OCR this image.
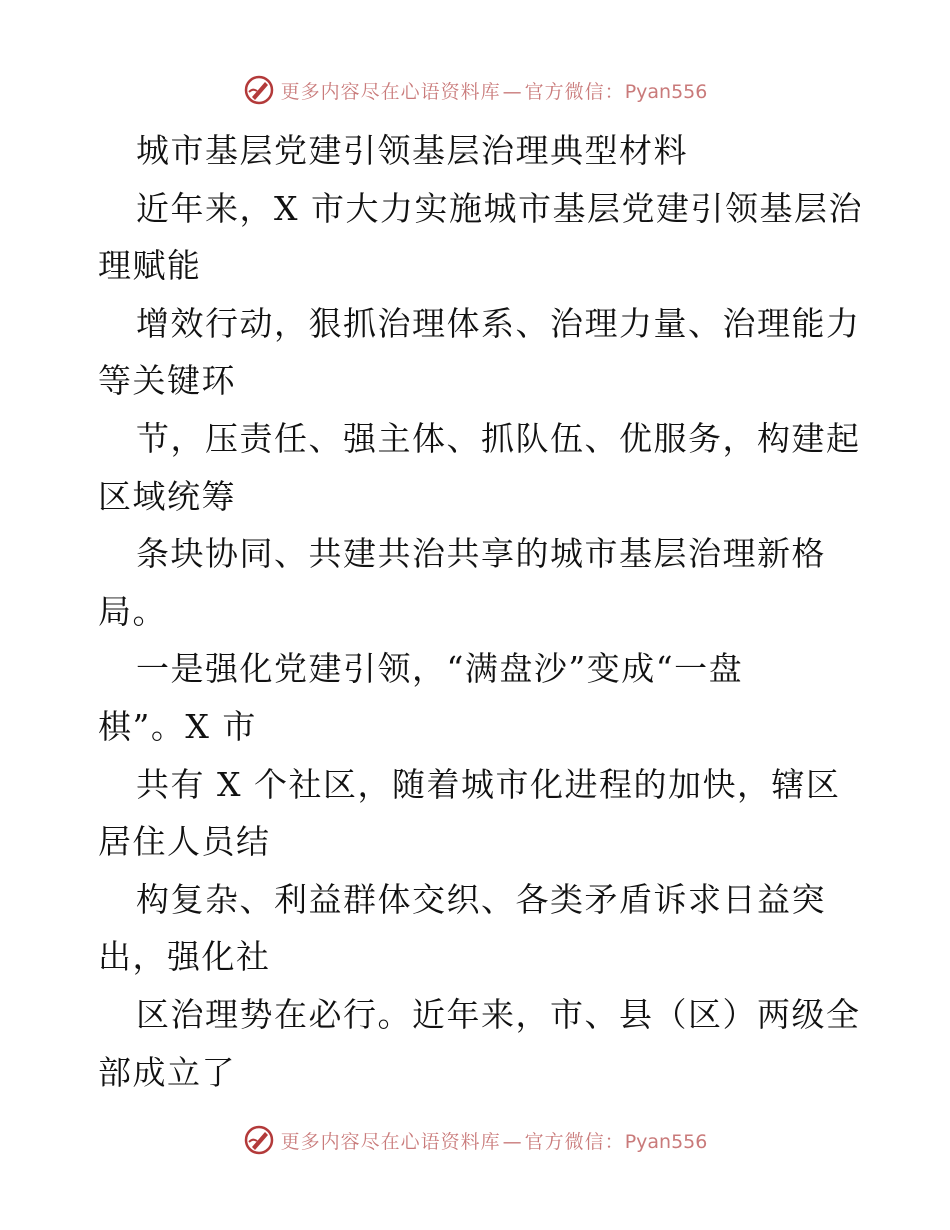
更多内容尽在心语资料库 — 官方微信：Pyan556
城市基层党建引领基层治理典型材料
近年来，X 市大力实施城市基层党建引领基层治
理赋能
增效行动，狠抓治理体系、治理力量、治理能力
等关键环
节，压责任、强主体、抓队伍、优服务，构建起
区域统筹
条块协同、共建共治共享的城市基层治理新格
局。
一是强化党建引领，“满盘沙”变成“一盘
棋”。X 市
共有 X 个社区，随着城市化进程的加快，辖区
居住人员结
构复杂、利益群体交织、各类矛盾诉求日益突
出，强化社
区治理势在必行。近年来，市、县（区）两级全
部成立了
更多内容尽在心语资料库 — 官方微信：Pyan556
